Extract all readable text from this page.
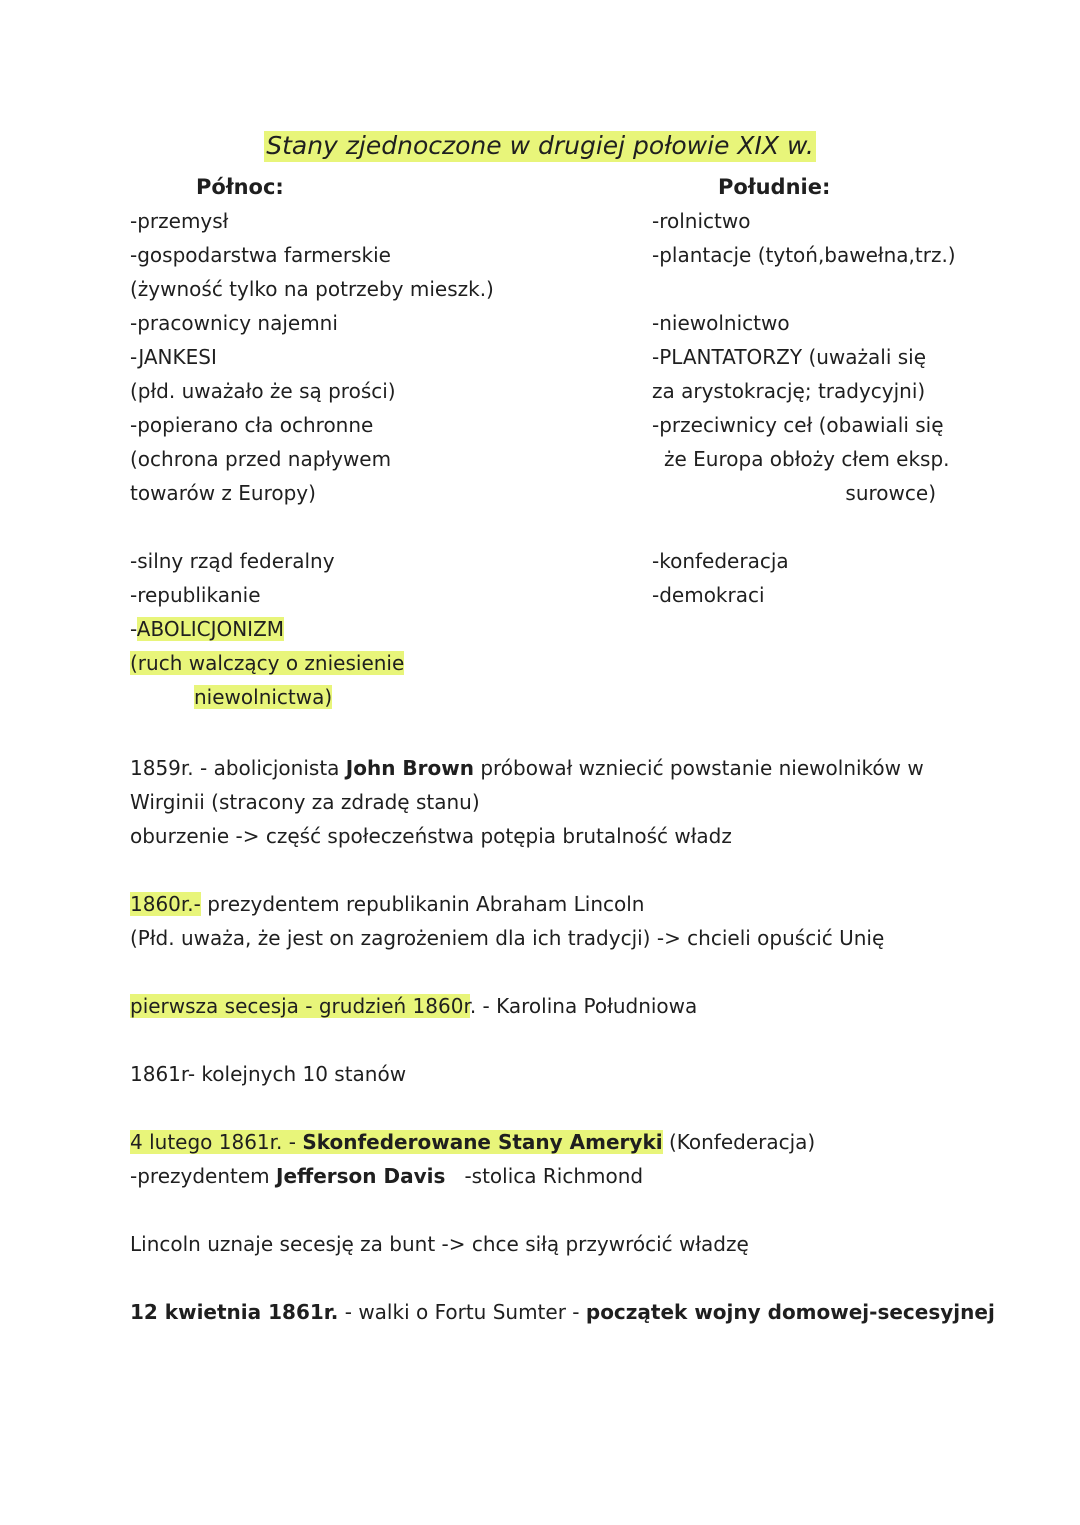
Stany zjednoczone w drugiej połowie XIX w.
Północ:	Południe:
-przemysł
-gospodarstwa farmerskie
(żywność tylko na potrzeby mieszk.)
-pracownicy najemni
-JANKESI
(płd. uważało że są prości)
-popierano cła ochronne
(ochrona przed napływem
towarów z Europy)
-silny rząd federalny
-republikanie
-ABOLICJONIZM
(ruch walczący o zniesienie
niewolnictwa)
-rolnictwo
-plantacje (tytoń,bawełna,trz.)
-niewolnictwo
-PLANTATORZY (uważali się
za arystokrację; tradycyjni)
-przeciwnicy ceł (obawiali się
że Europa obłoży cłem eksp.
surowce)
-konfederacja
-demokraci

1859r. - abolicjonista John Brown próbował wzniecić powstanie niewolników w

Wirginii (stracony za zdradę stanu)

oburzenie -> część społeczeństwa potępia brutalność władz

1860r.- prezydentem republikanin Abraham Lincoln

(Płd. uważa, że jest on zagrożeniem dla ich tradycji) -> chcieli opuścić Unię

pierwsza secesja - grudzień 1860r. - Karolina Południowa

1861r- kolejnych 10 stanów

4 lutego 1861r. - Skonfederowane Stany Ameryki (Konfederacja)

-prezydentem Jefferson Davis   -stolica Richmond

Lincoln uznaje secesję za bunt -> chce siłą przywrócić władzę

12 kwietnia 1861r. - walki o Fortu Sumter - początek wojny domowej-secesyjnej
